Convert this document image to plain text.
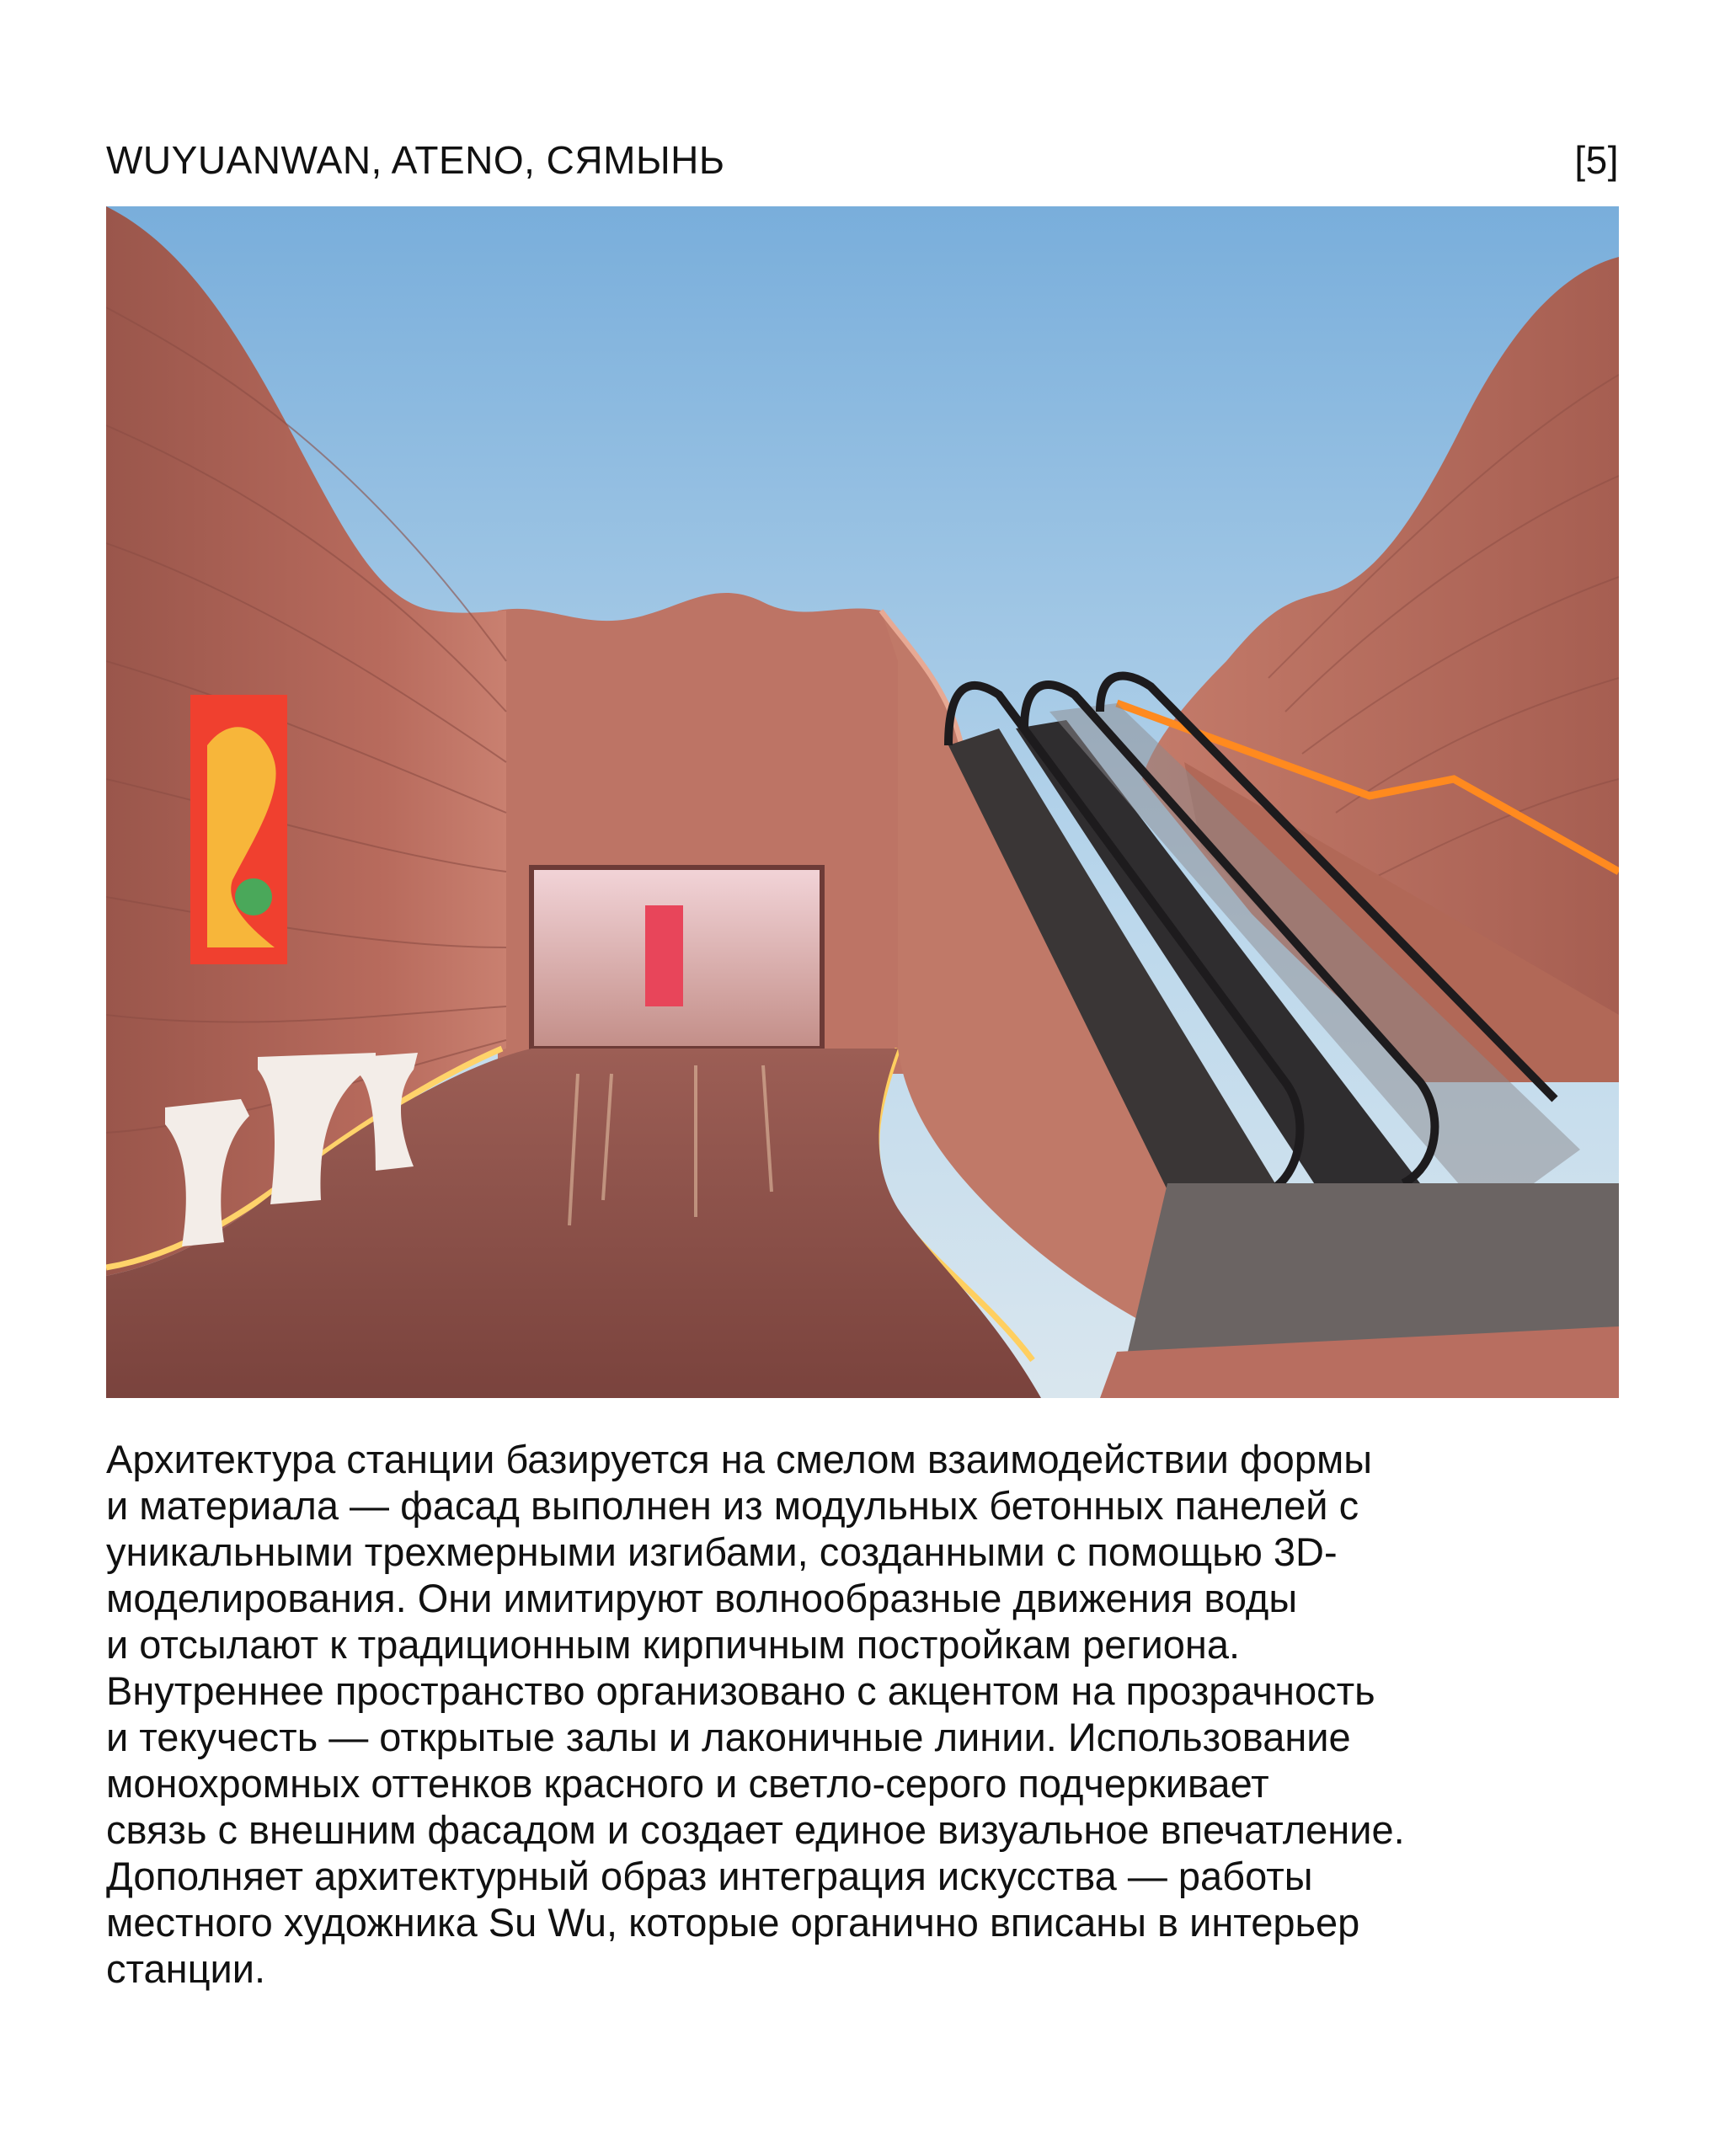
WUYUANWAN, ATENO, СЯМЫНЬ	[5]

Архитектура станции базируется на смелом взаимодействии формы
и материала — фасад выполнен из модульных бетонных панелей с
уникальными трехмерными изгибами, созданными с помощью 3D-
моделирования. Они имитируют волнообразные движения воды
и отсылают к традиционным кирпичным постройкам региона.
Внутреннее пространство организовано с акцентом на прозрачность
и текучесть — открытые залы и лаконичные линии. Использование
монохромных оттенков красного и светло-серого подчеркивает
связь с внешним фасадом и создает единое визуальное впечатление.
Дополняет архитектурный образ интеграция искусства — работы
местного художника Su Wu, которые органично вписаны в интерьер
станции.
